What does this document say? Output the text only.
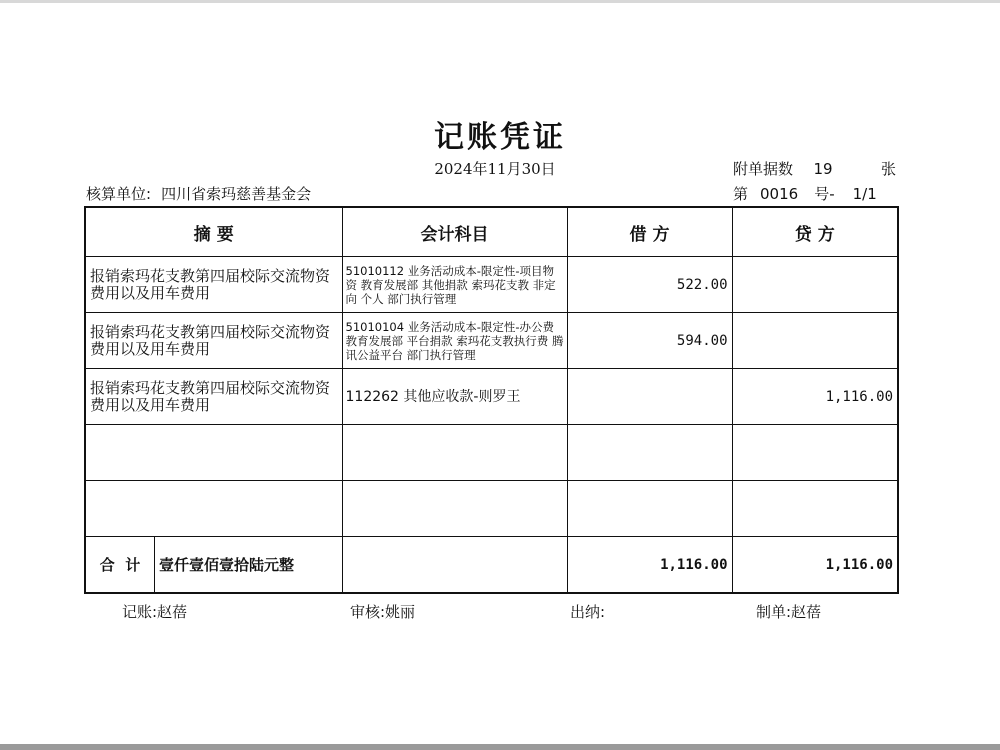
记账凭证
2024年11月30日	附单据数 19	张
核算单位: 四川省索玛慈善基金会	第 0016 号- 1/1
摘 要	会计科目	借 方	贷 方
报销索玛花支教第四届校际交流物资费用以及用车费用	51010112 业务活动成本-限定性-项目物资 教育发展部 其他捐款 索玛花支教 非定向 个人 部门执行管理	522.00	
报销索玛花支教第四届校际交流物资费用以及用车费用	51010104 业务活动成本-限定性-办公费 教育发展部 平台捐款 索玛花支教执行费 腾讯公益平台 部门执行管理	594.00	
报销索玛花支教第四届校际交流物资费用以及用车费用	112262 其他应收款-则罗王		1,116.00

合  计 壹仟壹佰壹拾陆元整		1,116.00	1,116.00
记账:赵蓓	审核:姚丽	出纳:	制单:赵蓓
